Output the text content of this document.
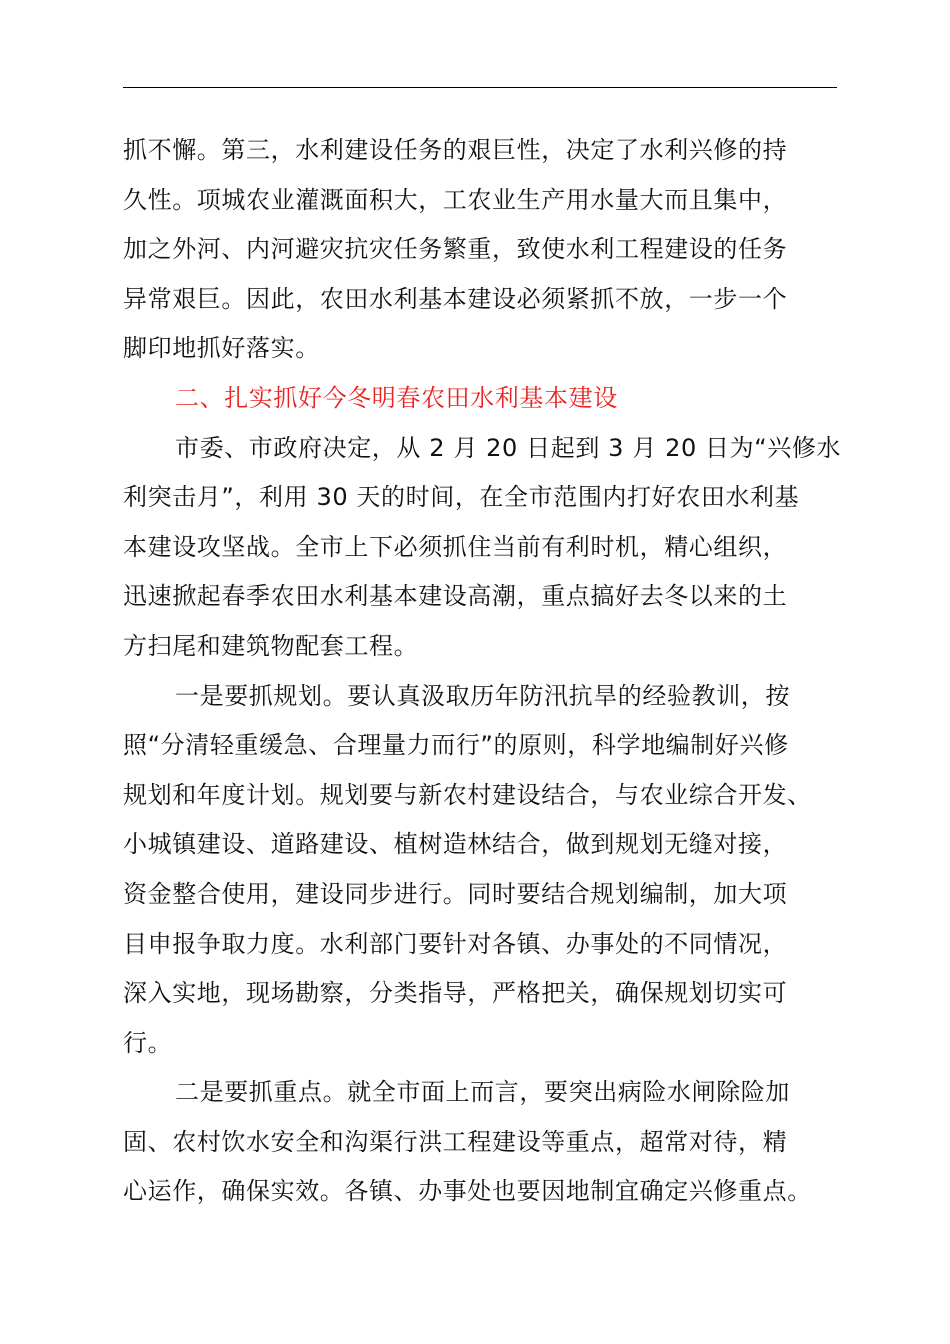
抓不懈。第三，水利建设任务的艰巨性，决定了水利兴修的持
久性。项城农业灌溉面积大，工农业生产用水量大而且集中，
加之外河、内河避灾抗灾任务繁重，致使水利工程建设的任务
异常艰巨。因此，农田水利基本建设必须紧抓不放，一步一个
脚印地抓好落实。
二、扎实抓好今冬明春农田水利基本建设
市委、市政府决定，从 2 月 20 日起到 3 月 20 日为“兴修水
利突击月”，利用 30 天的时间，在全市范围内打好农田水利基
本建设攻坚战。全市上下必须抓住当前有利时机，精心组织，
迅速掀起春季农田水利基本建设高潮，重点搞好去冬以来的土
方扫尾和建筑物配套工程。
一是要抓规划。要认真汲取历年防汛抗旱的经验教训，按
照“分清轻重缓急、合理量力而行”的原则，科学地编制好兴修
规划和年度计划。规划要与新农村建设结合，与农业综合开发、
小城镇建设、道路建设、植树造林结合，做到规划无缝对接，
资金整合使用，建设同步进行。同时要结合规划编制，加大项
目申报争取力度。水利部门要针对各镇、办事处的不同情况，
深入实地，现场勘察，分类指导，严格把关，确保规划切实可
行。
二是要抓重点。就全市面上而言，要突出病险水闸除险加
固、农村饮水安全和沟渠行洪工程建设等重点，超常对待，精
心运作，确保实效。各镇、办事处也要因地制宜确定兴修重点。
